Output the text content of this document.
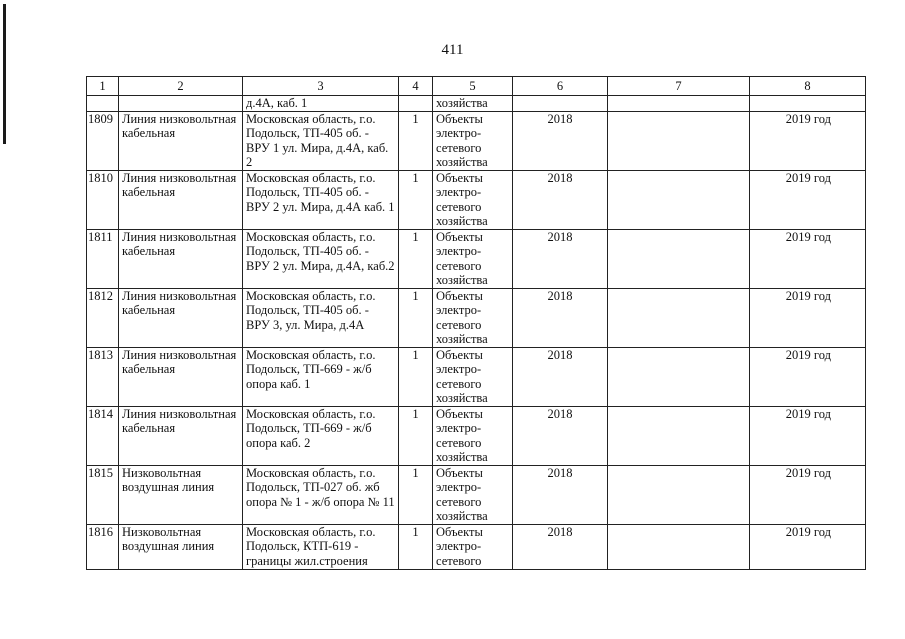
411
1	2	3	4	5	6	7	8
		д.4А, каб. 1		хозяйства			
1809	Линия низковольтная кабельная	Московская область, г.о. Подольск, ТП-405 об. - ВРУ 1 ул. Мира, д.4А, каб. 2	1	Объекты электро-сетевого хозяйства	2018		2019 год
1810	Линия низковольтная кабельная	Московская область, г.о. Подольск, ТП-405 об. - ВРУ 2 ул. Мира, д.4А каб. 1	1	Объекты электро-сетевого хозяйства	2018		2019 год
1811	Линия низковольтная кабельная	Московская область, г.о. Подольск, ТП-405 об. - ВРУ 2 ул. Мира, д.4А, каб.2	1	Объекты электро-сетевого хозяйства	2018		2019 год
1812	Линия низковольтная кабельная	Московская область, г.о. Подольск, ТП-405 об. - ВРУ 3, ул. Мира, д.4А	1	Объекты электро-сетевого хозяйства	2018		2019 год
1813	Линия низковольтная кабельная	Московская область, г.о. Подольск, ТП-669 - ж/б опора каб. 1	1	Объекты электро-сетевого хозяйства	2018		2019 год
1814	Линия низковольтная кабельная	Московская область, г.о. Подольск, ТП-669 - ж/б опора каб. 2	1	Объекты электро-сетевого хозяйства	2018		2019 год
1815	Низковольтная воздушная линия	Московская область, г.о. Подольск, ТП-027 об. жб опора № 1 - ж/б опора № 11	1	Объекты электро-сетевого хозяйства	2018		2019 год
1816	Низковольтная воздушная линия	Московская область, г.о. Подольск, КТП-619 - границы жил.строения	1	Объекты электро-сетевого	2018		2019 год
